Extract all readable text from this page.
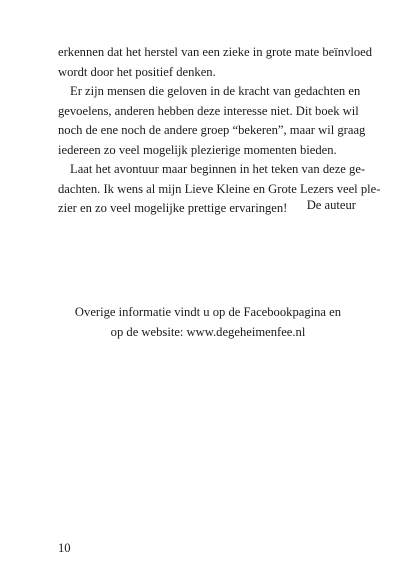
erkennen dat het herstel van een zieke in grote mate beïnvloed
wordt door het positief denken.

Er zijn mensen die geloven in de kracht van gedachten en
gevoelens, anderen hebben deze interesse niet. Dit boek wil
noch de ene noch de andere groep “bekeren”, maar wil graag
iedereen zo veel mogelijk plezierige momenten bieden.

Laat het avontuur maar beginnen in het teken van deze ge-
dachten. Ik wens al mijn Lieve Kleine en Grote Lezers veel ple-
zier en zo veel mogelijke prettige ervaringen!	De auteur
Overige informatie vindt u op de Facebookpagina en
op de website: www.degeheimenfee.nl
10
